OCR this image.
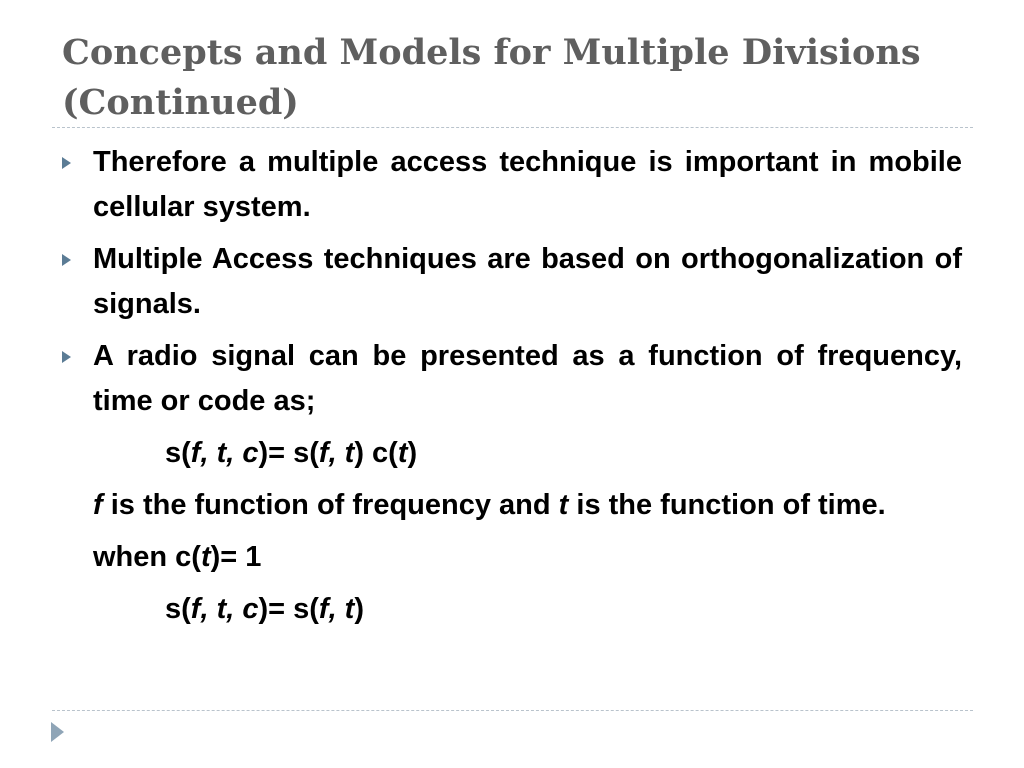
Concepts and Models for Multiple Divisions (Continued)
Therefore a multiple access technique is important in mobile cellular system.
Multiple Access techniques are based on orthogonalization of signals.
A radio signal can be presented as a function of frequency, time or code as;
s(f, t, c)= s(f, t) c(t)
f is the function of frequency and t is the function of time.
when c(t)= 1
s(f, t, c)= s(f, t)
